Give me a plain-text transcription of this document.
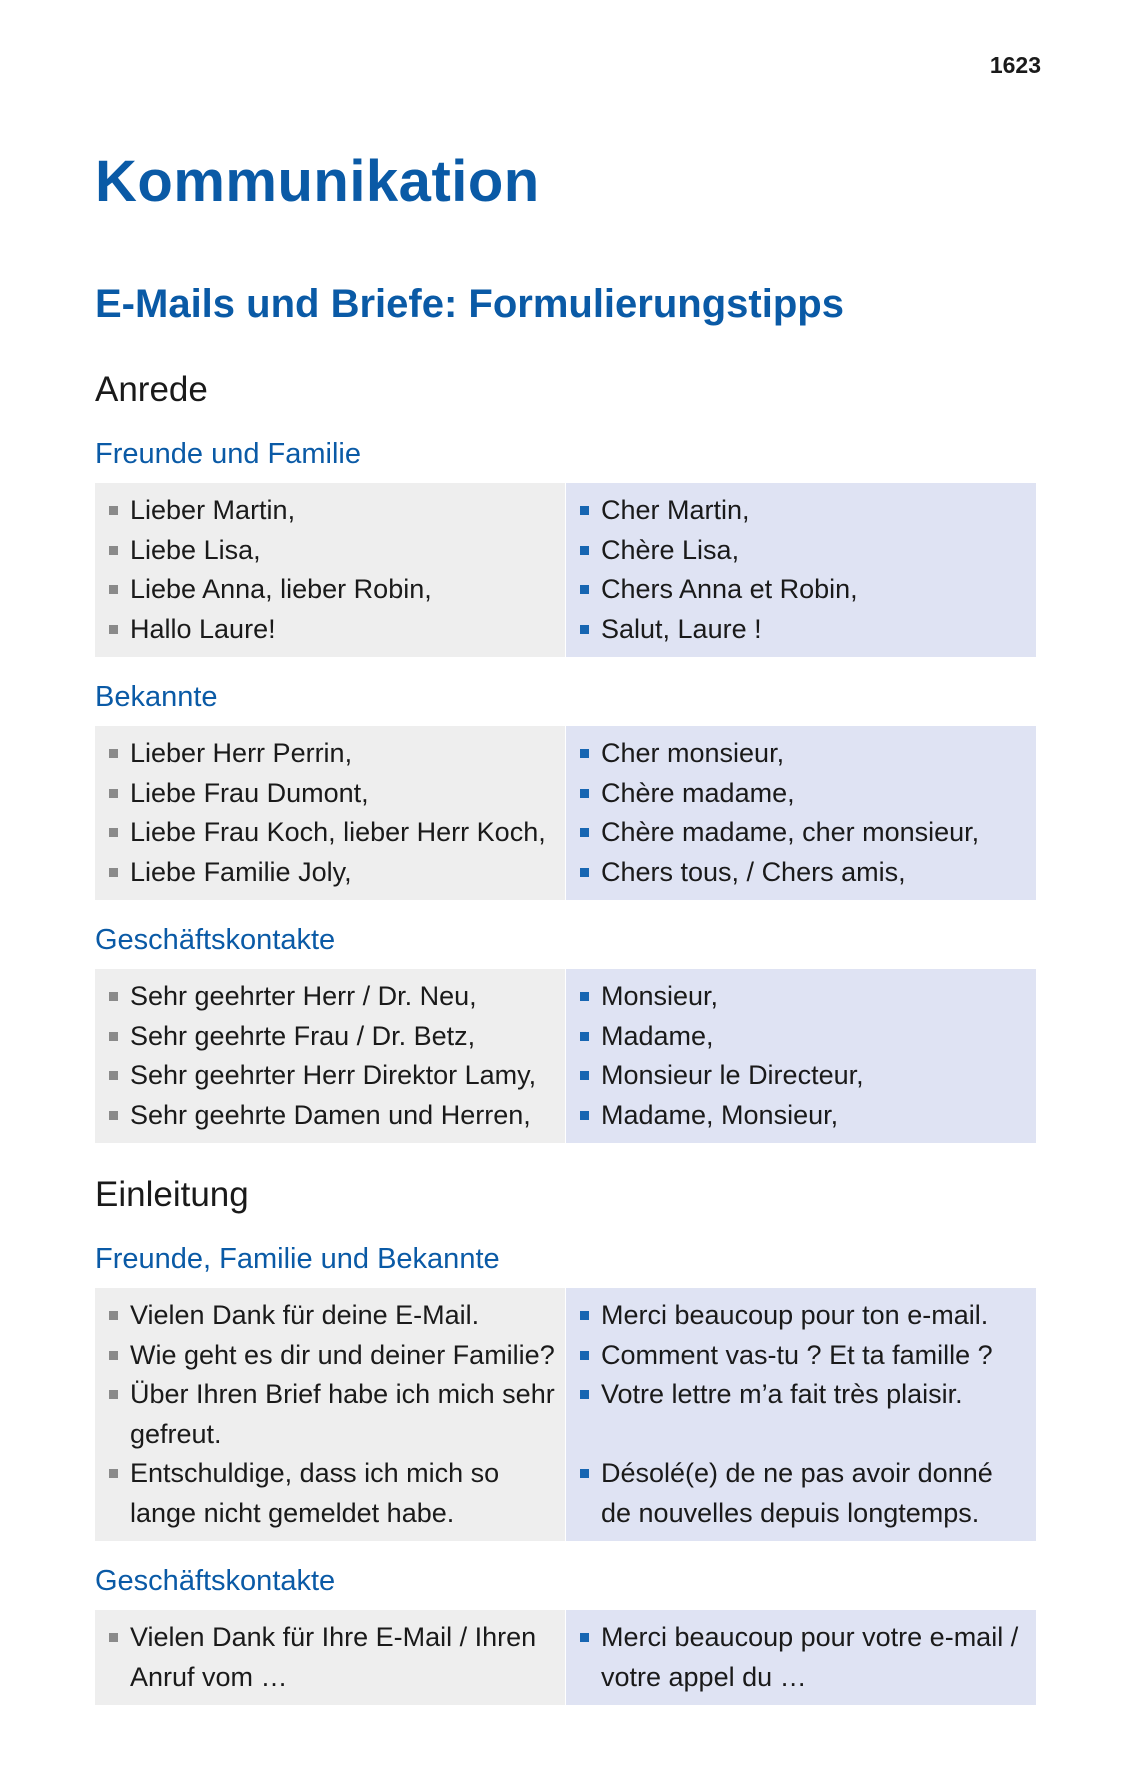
1623
Kommunikation
E-Mails und Briefe: Formulierungstipps
Anrede
Freunde und Familie
Lieber Martin,
Liebe Lisa,
Liebe Anna, lieber Robin,
Hallo Laure!
Cher Martin,
Chère Lisa,
Chers Anna et Robin,
Salut, Laure !
Bekannte
Lieber Herr Perrin,
Liebe Frau Dumont,
Liebe Frau Koch, lieber Herr Koch,
Liebe Familie Joly,
Cher monsieur,
Chère madame,
Chère madame, cher monsieur,
Chers tous, / Chers amis,
Geschäftskontakte
Sehr geehrter Herr / Dr. Neu,
Sehr geehrte Frau / Dr. Betz,
Sehr geehrter Herr Direktor Lamy,
Sehr geehrte Damen und Herren,
Monsieur,
Madame,
Monsieur le Directeur,
Madame, Monsieur,
Einleitung
Freunde, Familie und Bekannte
Vielen Dank für deine E-Mail.
Wie geht es dir und deiner Familie?
Über Ihren Brief habe ich mich sehr gefreut.
Entschuldige, dass ich mich so lange nicht gemeldet habe.
Merci beaucoup pour ton e-mail.
Comment vas-tu ? Et ta famille ?
Votre lettre m’a fait très plaisir.
Désolé(e) de ne pas avoir donné de nouvelles depuis longtemps.
Geschäftskontakte
Vielen Dank für Ihre E-Mail / Ihren Anruf vom …
Merci beaucoup pour votre e-mail / votre appel du …
